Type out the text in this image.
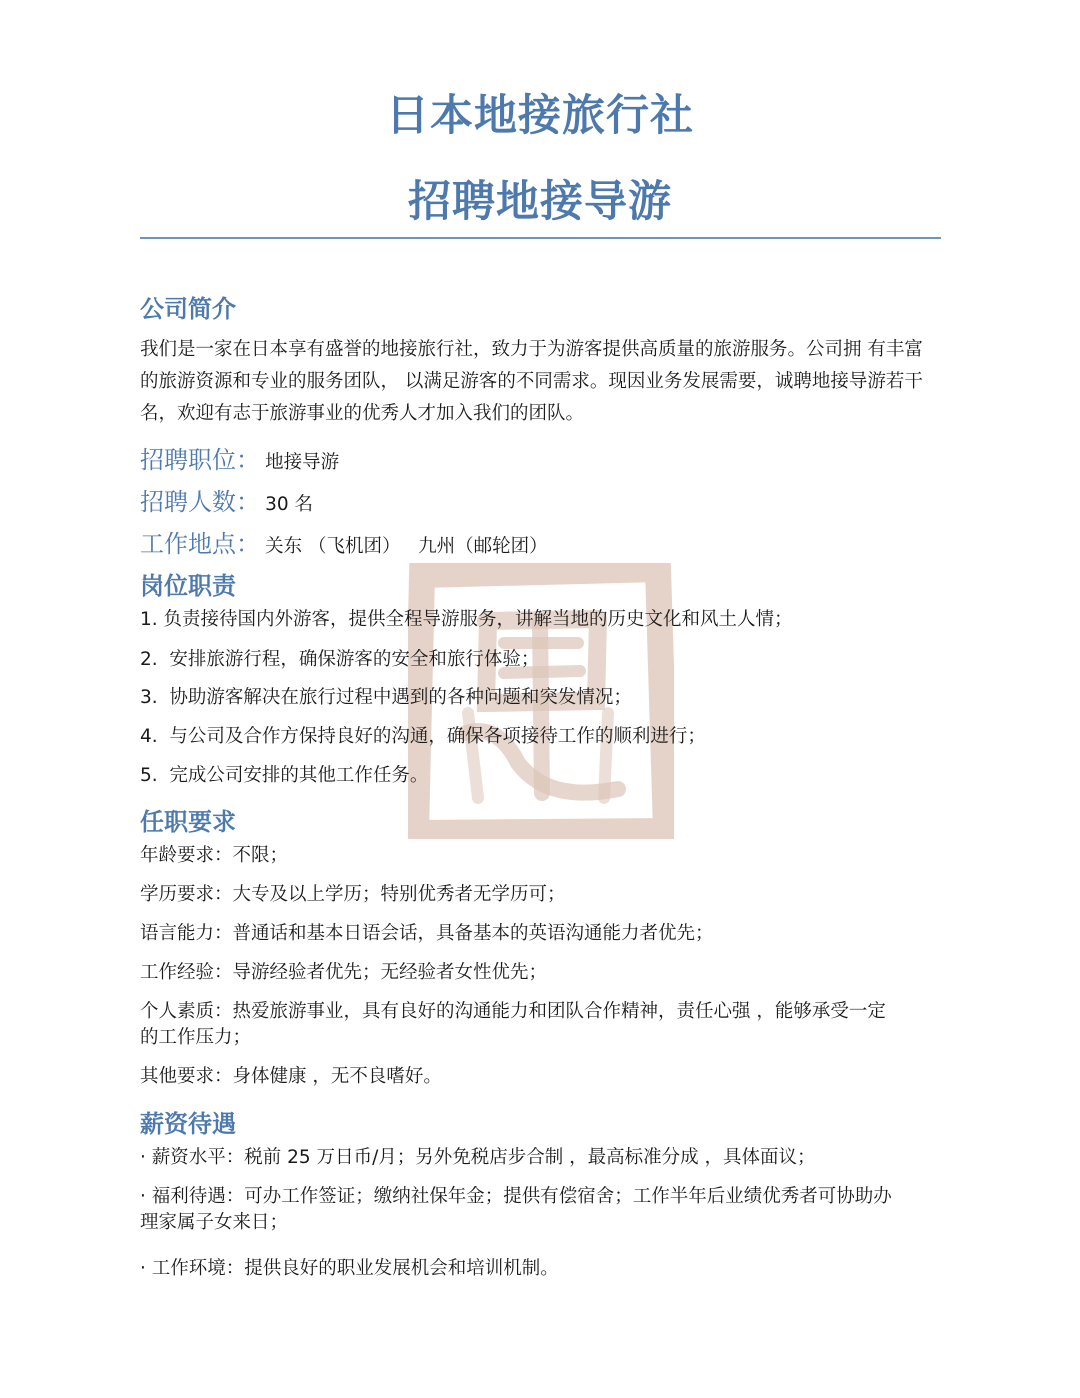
日本地接旅行社
招聘地接导游
公司简介

我们是一家在日本享有盛誉的地接旅行社，致力于为游客提供高质量的旅游服务。公司拥 有丰富的旅游资源和专业的服务团队， 以满足游客的不同需求。现因业务发展需要，诚聘地接导游若干名，欢迎有志于旅游事业的优秀人才加入我们的团队。

招聘职位： 地接导游
招聘人数： 30 名
工作地点： 关东 （飞机团）   九州（邮轮团）
岗位职责
1. 负责接待国内外游客，提供全程导游服务，讲解当地的历史文化和风土人情；
2.  安排旅游行程，确保游客的安全和旅行体验；
3.  协助游客解决在旅行过程中遇到的各种问题和突发情况；
4.  与公司及合作方保持良好的沟通，确保各项接待工作的顺利进行；
5.  完成公司安排的其他工作任务。
任职要求
年龄要求：不限；
学历要求：大专及以上学历；特别优秀者无学历可；
语言能力：普通话和基本日语会话，具备基本的英语沟通能力者优先；
工作经验：导游经验者优先；无经验者女性优先；
个人素质：热爱旅游事业，具有良好的沟通能力和团队合作精神，责任心强 ，能够承受一定
的工作压力；
其他要求：身体健康 ，无不良嗜好。
薪资待遇
· 薪资水平：税前 25 万日币/月；另外免税店步合制 ，最高标准分成 ，具体面议；
· 福利待遇：可办工作签证；缴纳社保年金；提供有偿宿舍；工作半年后业绩优秀者可协助办
理家属子女来日；
· 工作环境：提供良好的职业发展机会和培训机制。
